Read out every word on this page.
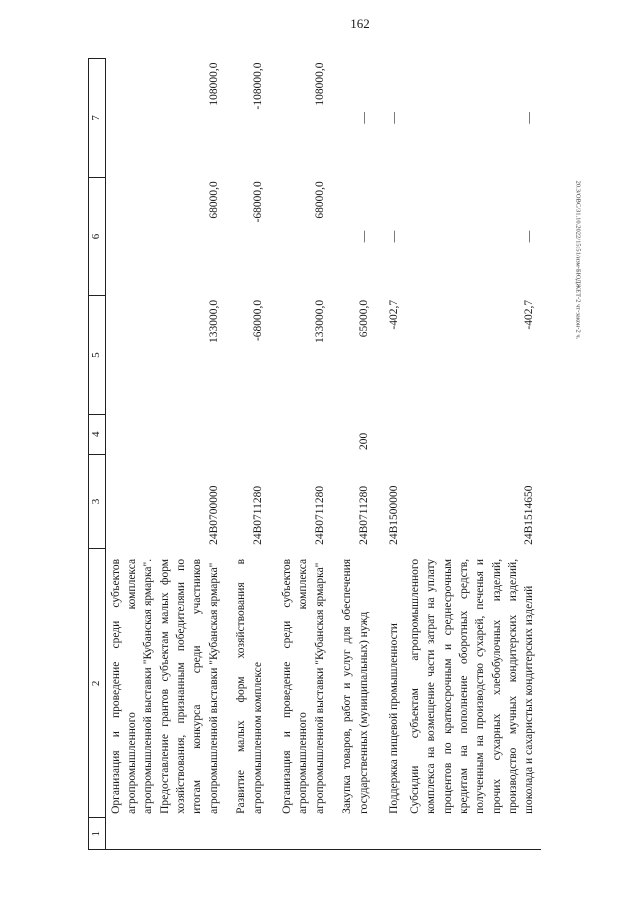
162
20.3/ОВС/31.10.2022/15:51/изм-БЮДЖЕТ-2 чт-закон-2 ч.
1	2	3	4	5	6	7
	Организация и проведение среди субъектов агропромышленного комплекса агропромышленной выставки "Кубанская ярмарка". Предоставление грантов субъектам малых форм хозяйствования, признанным победителями по итогам конкурса среди участников агропромышленной выставки "Кубанская ярмарка"	24В0700000		133000,0	68000,0	108000,0
	Развитие малых форм хозяйствования в агропромышленном комплексе	24В0711280		-68000,0	-68000,0	-108000,0
	Организация и проведение среди субъектов агропромышленного комплекса агропромышленной выставки "Кубанская ярмарка"	24В0711280		133000,0	68000,0	108000,0
	Закупка товаров, работ и услуг для обеспечения государственных (муниципальных) нужд	24В0711280	200	65000,0	—	—
	Поддержка пищевой промышленности	24В1500000		-402,7	—	—
	Субсидии субъектам агропромышленного комплекса на возмещение части затрат на уплату процентов по краткосрочным и среднесрочным кредитам на пополнение оборотных средств, полученным на производство сухарей, печенья и прочих сухарных хлебобулочных изделий, производство мучных кондитерских изделий, шоколада и сахаристых кондитерских изделий	24В1514650		-402,7	—	—
